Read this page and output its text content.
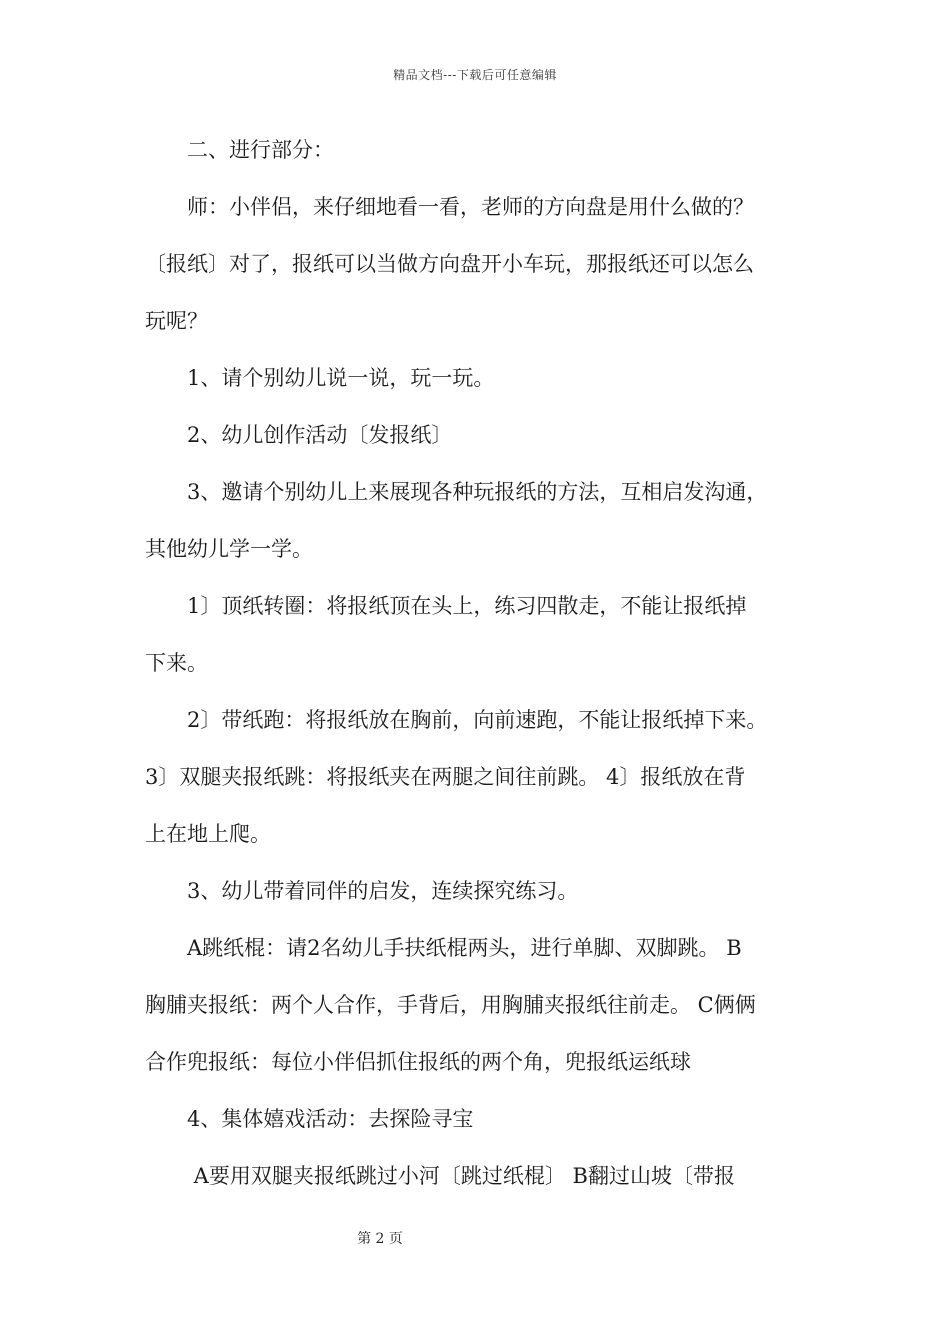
精品文档---下载后可任意编辑
　　二、进行部分：
　　师：小伴侣，来仔细地看一看，老师的方向盘是用什么做的？
〔报纸〕对了，报纸可以当做方向盘开小车玩，那报纸还可以怎么
玩呢？
　　1、请个别幼儿说一说，玩一玩。
　　2、幼儿创作活动〔发报纸〕
　　3、邀请个别幼儿上来展现各种玩报纸的方法，互相启发沟通，
其他幼儿学一学。
　　1〕顶纸转圈：将报纸顶在头上，练习四散走，不能让报纸掉
下来。
　　2〕带纸跑：将报纸放在胸前，向前速跑，不能让报纸掉下来。
3〕双腿夹报纸跳：将报纸夹在两腿之间往前跳。 4〕报纸放在背
上在地上爬。
　　3、幼儿带着同伴的启发，连续探究练习。
　　A跳纸棍：请2名幼儿手扶纸棍两头，进行单脚、双脚跳。 B
胸脯夹报纸：两个人合作，手背后，用胸脯夹报纸往前走。 C俩俩
合作兜报纸：每位小伴侣抓住报纸的两个角，兜报纸运纸球
　　4、集体嬉戏活动：去探险寻宝
　　 A要用双腿夹报纸跳过小河〔跳过纸棍〕 B翻过山坡〔带报
第 2 页
